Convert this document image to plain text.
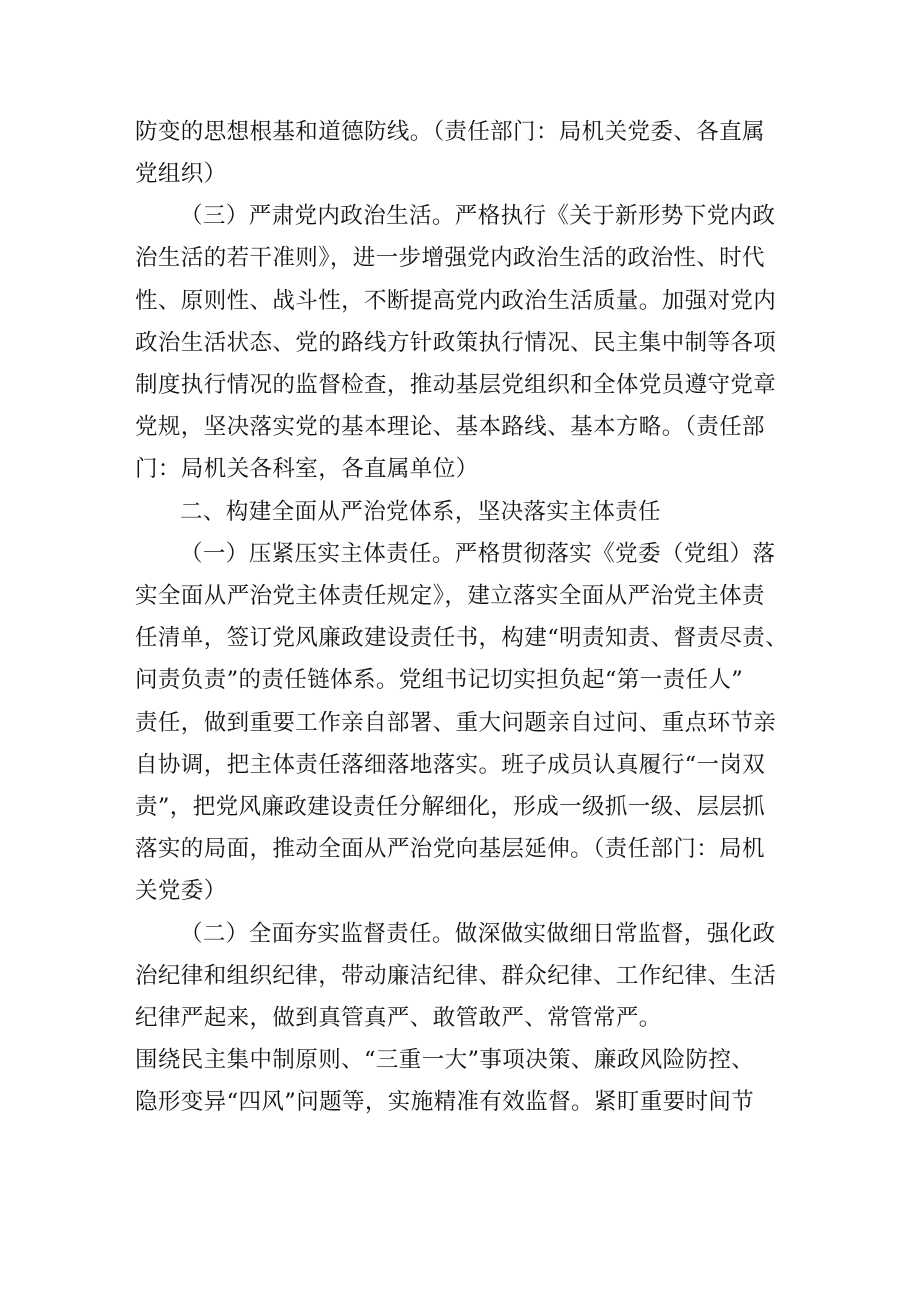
防变的思想根基和道德防线。（责任部门：局机关党委、各直属
党组织）
（三）严肃党内政治生活。严格执行《关于新形势下党内政
治生活的若干准则》，进一步增强党内政治生活的政治性、时代
性、原则性、战斗性，不断提高党内政治生活质量。加强对党内
政治生活状态、党的路线方针政策执行情况、民主集中制等各项
制度执行情况的监督检查，推动基层党组织和全体党员遵守党章
党规，坚决落实党的基本理论、基本路线、基本方略。（责任部
门：局机关各科室，各直属单位）
二、构建全面从严治党体系，坚决落实主体责任
（一）压紧压实主体责任。严格贯彻落实《党委（党组）落
实全面从严治党主体责任规定》，建立落实全面从严治党主体责
任清单，签订党风廉政建设责任书，构建“明责知责、督责尽责、
问责负责”的责任链体系。党组书记切实担负起“第一责任人”
责任，做到重要工作亲自部署、重大问题亲自过问、重点环节亲
自协调，把主体责任落细落地落实。班子成员认真履行“一岗双
责”，把党风廉政建设责任分解细化，形成一级抓一级、层层抓
落实的局面，推动全面从严治党向基层延伸。（责任部门：局机
关党委）
（二）全面夯实监督责任。做深做实做细日常监督，强化政
治纪律和组织纪律，带动廉洁纪律、群众纪律、工作纪律、生活
纪律严起来，做到真管真严、敢管敢严、常管常严。
围绕民主集中制原则、“三重一大”事项决策、廉政风险防控、
隐形变异“四风”问题等，实施精准有效监督。紧盯重要时间节
